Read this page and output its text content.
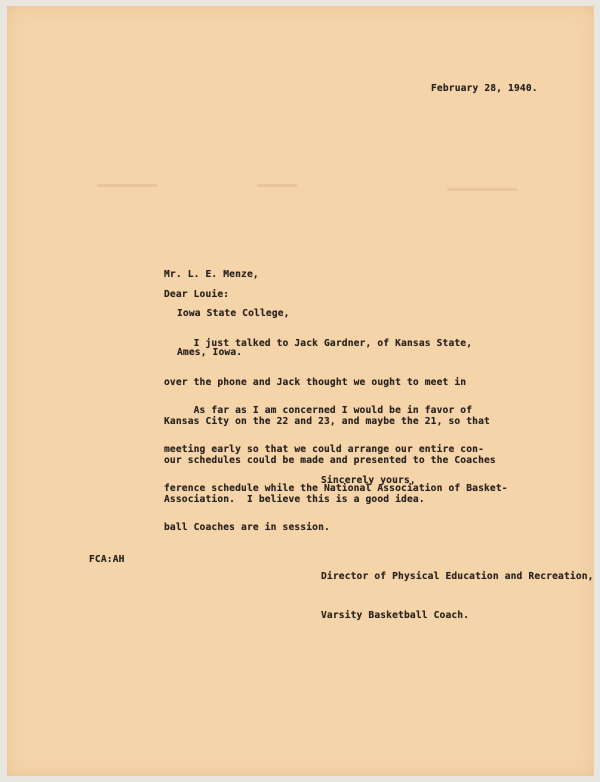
February 28, 1940.

Mr. L. E. Menze,

Iowa State College,

Ames, Iowa.

Dear Louie:

I just talked to Jack Gardner, of Kansas State,

over the phone and Jack thought we ought to meet in

Kansas City on the 22 and 23, and maybe the 21, so that

our schedules could be made and presented to the Coaches

Association.  I believe this is a good idea.

As far as I am concerned I would be in favor of

meeting early so that we could arrange our entire con-

ference schedule while the National Association of Basket-

ball Coaches are in session.

Sincerely yours,

Director of Physical Education and Recreation,

Varsity Basketball Coach.

FCA:AH
